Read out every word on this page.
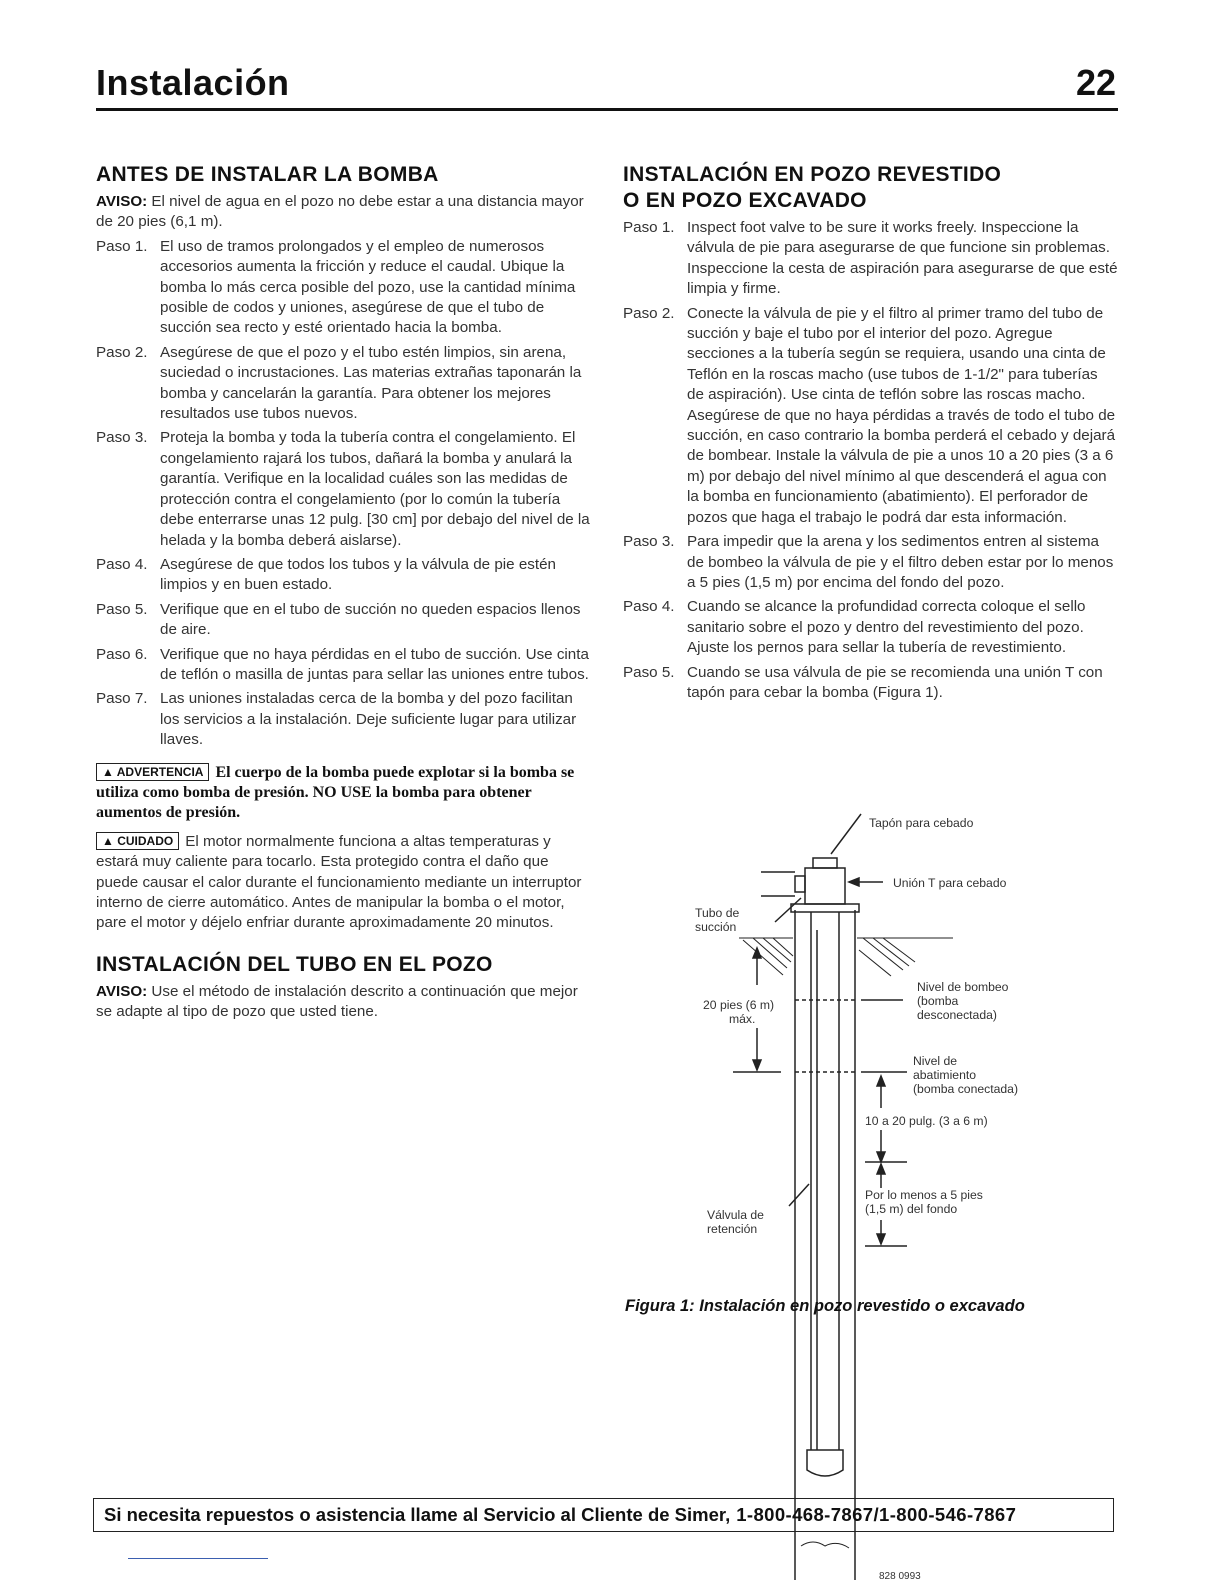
Instalación	22
ANTES DE INSTALAR LA BOMBA

AVISO: El nivel de agua en el pozo no debe estar a una distancia mayor de 20 pies (6,1 m).

Paso 1. El uso de tramos prolongados y el empleo de numerosos accesorios aumenta la fricción y reduce el caudal. Ubique la bomba lo más cerca posible del pozo, use la cantidad mínima posible de codos y uniones, asegúrese de que el tubo de succión sea recto y esté orientado hacia la bomba.
Paso 2. Asegúrese de que el pozo y el tubo estén limpios, sin arena, suciedad o incrustaciones. Las materias extrañas taponarán la bomba y cancelarán la garantía. Para obtener los mejores resultados use tubos nuevos.
Paso 3. Proteja la bomba y toda la tubería contra el congelamiento. El congelamiento rajará los tubos, dañará la bomba y anulará la garantía. Verifique en la localidad cuáles son las medidas de protección contra el congelamiento (por lo común la tubería debe enterrarse unas 12 pulg. [30 cm] por debajo del nivel de la helada y la bomba deberá aislarse).
Paso 4. Asegúrese de que todos los tubos y la válvula de pie estén limpios y en buen estado.
Paso 5. Verifique que en el tubo de succión no queden espacios llenos de aire.
Paso 6. Verifique que no haya pérdidas en el tubo de succión. Use cinta de teflón o masilla de juntas para sellar las uniones entre tubos.
Paso 7. Las uniones instaladas cerca de la bomba y del pozo facilitan los servicios a la instalación. Deje suficiente lugar para utilizar llaves.
▲ ADVERTENCIA El cuerpo de la bomba puede explotar si la bomba se utiliza como bomba de presión. NO USE la bomba para obtener aumentos de presión.
▲ CUIDADO El motor normalmente funciona a altas temperaturas y estará muy caliente para tocarlo. Esta protegido contra el daño que puede causar el calor durante el funcionamiento mediante un interruptor interno de cierre automático. Antes de manipular la bomba o el motor, pare el motor y déjelo enfriar durante aproximadamente 20 minutos.
INSTALACIÓN DEL TUBO EN EL POZO

AVISO: Use el método de instalación descrito a continuación que mejor se adapte al tipo de pozo que usted tiene.

INSTALACIÓN EN POZO REVESTIDO
O EN POZO EXCAVADO
Paso 1. Inspect foot valve to be sure it works freely. Inspeccione la válvula de pie para asegurarse de que funcione sin problemas. Inspeccione la cesta de aspiración para asegurarse de que esté limpia y firme.
Paso 2. Conecte la válvula de pie y el filtro al primer tramo del tubo de succión y baje el tubo por el interior del pozo. Agregue secciones a la tubería según se requiera, usando una cinta de Teflón en la roscas macho (use tubos de 1-1/2" para tuberías de aspiración). Use cinta de teflón sobre las roscas macho. Asegúrese de que no haya pérdidas a través de todo el tubo de succión, en caso contrario la bomba perderá el cebado y dejará de bombear. Instale la válvula de pie a unos 10 a 20 pies (3 a 6 m) por debajo del nivel mínimo al que descenderá el agua con la bomba en funcionamiento (abatimiento). El perforador de pozos que haga el trabajo le podrá dar esta información.
Paso 3. Para impedir que la arena y los sedimentos entren al sistema de bombeo la válvula de pie y el filtro deben estar por lo menos a 5 pies (1,5 m) por encima del fondo del pozo.
Paso 4. Cuando se alcance la profundidad correcta coloque el sello sanitario sobre el pozo y dentro del revestimiento del pozo. Ajuste los pernos para sellar la tubería de revestimiento.
Paso 5. Cuando se usa válvula de pie se recomienda una unión T con tapón para cebar la bomba (Figura 1).
Tapón para cebado
Unión T para cebado
Tubo de
succión
20 pies (6 m)
máx.
Nivel de bombeo
(bomba
desconectada)
Nivel de
abatimiento
(bomba conectada)
10 a 20 pulg. (3 a 6 m)
Por lo menos a 5 pies
(1,5 m) del fondo
Válvula de
retención
828 0993
Figura 1: Instalación en pozo revestido o excavado
Si necesita repuestos o asistencia llame al Servicio al Cliente de Simer, 1-800-468-7867/1-800-546-7867
